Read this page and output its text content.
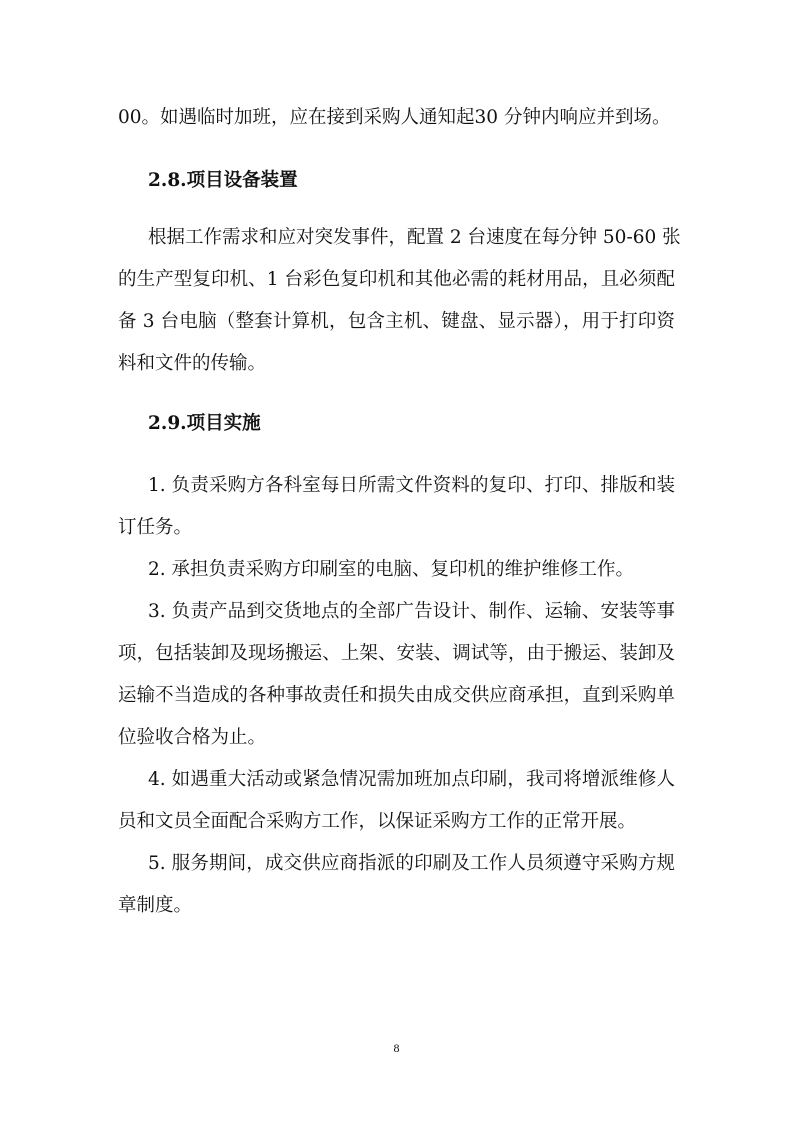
00。如遇临时加班，应在接到采购人通知起30 分钟内响应并到场。
2.8.项目设备装置
根据工作需求和应对突发事件，配置 2 台速度在每分钟 50-60 张
的生产型复印机、1 台彩色复印机和其他必需的耗材用品，且必须配
备 3 台电脑（整套计算机，包含主机、键盘、显示器），用于打印资
料和文件的传输。
2.9.项目实施
1. 负责采购方各科室每日所需文件资料的复印、打印、排版和装
订任务。
2. 承担负责采购方印刷室的电脑、复印机的维护维修工作。
3. 负责产品到交货地点的全部广告设计、制作、运输、安装等事
项，包括装卸及现场搬运、上架、安装、调试等，由于搬运、装卸及
运输不当造成的各种事故责任和损失由成交供应商承担，直到采购单
位验收合格为止。
4. 如遇重大活动或紧急情况需加班加点印刷，我司将增派维修人
员和文员全面配合采购方工作，以保证采购方工作的正常开展。
5. 服务期间，成交供应商指派的印刷及工作人员须遵守采购方规
章制度。
8
